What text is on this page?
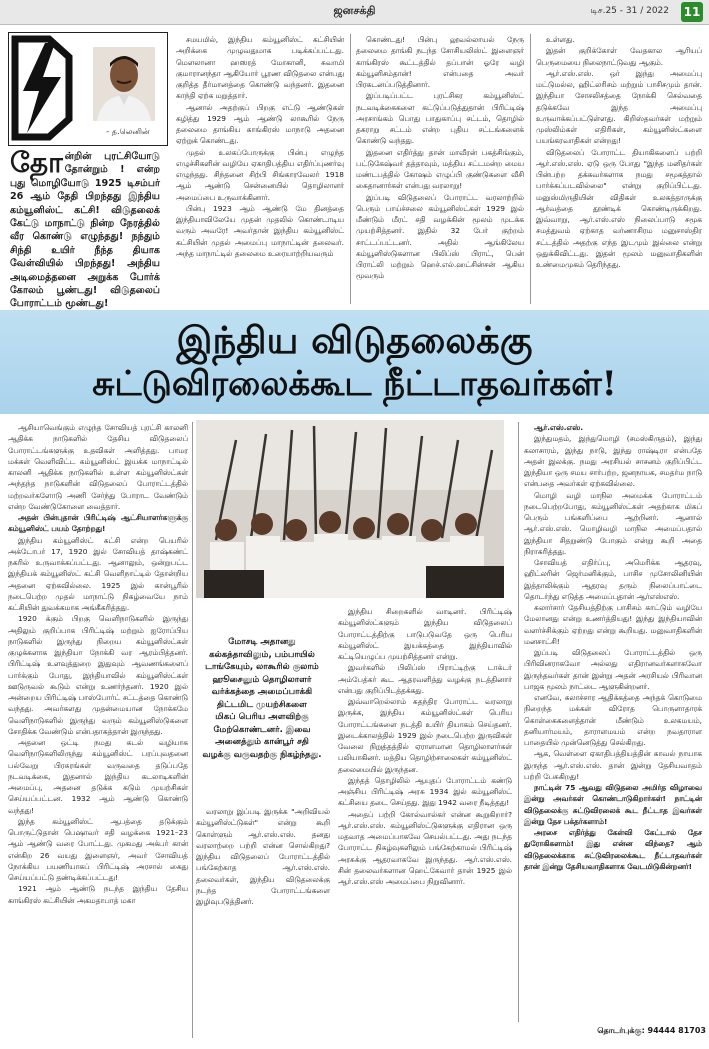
ஜனசக்தி	டிச.25 - 31 / 2022 11
- த.லெனின்
தோன்றின் புரட்சியோடு தோன்றும் ! என்ற புது மொழியோடு 1925 டிசம்பர் 26 ஆம் தேதி பிறந்தது இந்திய கம்யூனிஸ்ட் கட்சி! விடுதலைக் கேட்டு மாநாட்டு நின்ற நேரத்தில் வீர கொண்டு எழுந்தது! நந்தும் சிந்தி உயிர் நீந்த தியாக வேள்வியில் பிறந்தது! அந்திய அடிமைத்தனை அறுக்க போர்க் கோலம் பூண்டது! விடுதலைப் போராட்டம் மூண்டது!

சமயமில், இந்திய கம்யூனிஸ்ட் கட்சியின் அறிக்கை முழுவதுமாக படிக்கப்பட்டது. மௌலானா ஹஸரத் மோகானி, சுவாமி குமாரானந்தா ஆகியோர் பூரண விடுதலை என்பது குறித்த தீர்மானத்தை கொண்டு வந்தனர். இதனை காந்தி ஏற்க மறுத்தார்.

ஆனால் அதற்குப் பிறகு எட்டு ஆண்டுகள் கழித்து 1929 ஆம் ஆண்டு லாகூரில் நேரு தலைமை தாங்கிய காங்கிரஸ் மாநாடு அதனை ஏற்றுக் கொண்டது.

முதல் உலகப்போருக்கு பின்பு எழுந்த எழுச்சிகளின் வழியே ஏகாதிபத்திய எதிர்ப்புணர்வு எழுந்தது. சிந்தனை சிற்பி சிங்காரவேலர் 1918 ஆம் ஆண்டு சென்னையில் தொழிலாளர் அமைப்பை உருவாக்கினார்.

பின்பு 1923 ஆம் ஆண்டு மே தினத்தை இந்தியாவிலேயே முதன் முதலில் கொண்டாடிய வரும் அவரே! அவர்தான் இந்திய கம்யூனிஸ்ட் கட்சியின் முதல் அமைப்பு மாநாட்டின் தலைவர். அந்த மாநாட்டில் தலைமை உரையாற்றியவரும்

கொண்டது! பின்பு லூவல்லாயல் நேரு தலைமை தாங்கி நடந்த சோசியலிஸ்ட் இளைஞர் காங்கிரஸ் கூட்டத்தில் தப்பான் ஓரே வழி கம்யூனிசம்தான்! என்பதை அவர் பிரகடனப்படுத்தினார்.

இப்படிப்பட்ட புரட்சிகர கம்யூனிஸ்ட் நடவடிக்கைகளை கட்டுப்படுத்துதான் பிரிட்டிஷ் அரசாங்கம் பொது பாதுகாப்பு சட்டம், தொழில் தகராறு சட்டம் என்ற புதிய சட்டங்களைக் கொண்டு வந்தது.

இதனை எதிர்த்து தான் மாவீரன் பகத்சிங்கும், பட்டுகேஷ்வர் தத்தாவும், மத்திய சட்டமன்ற மைய மண்டபத்தில் கோஷம் எழுப்பி குண்டுகளை வீசி கைதானார்கள் என்பது வரலாறு!

இப்படி விடுதலைப் போராட்ட வரலாற்றில் பெரும் பாய்ச்சலை கம்யூனிஸ்ட்கள் 1929 இல் மீண்டும் மீரட் சதி வழக்கின் மூலம் முடக்க முயற்சித்தனர். இதில் 32 பேர் குற்றம் சாட்டப்பட்டனர். அதில் ஆங்கிலேய கம்யூனிஸ்டுகளான பிலிப்ஸ் பிராட், பென் பிராட்லி மற்றும் ஹெச்.எல்.ஹட்சின்சன் ஆகிய மூவரும்

உள்ளது.

இதன் குறிக்கோள் வேதகால ஆரியப் பெருமையை நிலைநாட்டுவது ஆகும்.

ஆர்.எஸ்.எஸ். ஒர் இந்து அமைப்பு மட்டுமல்ல, ஹிட்லரிசம் மற்றும் பாசிசமும் தான். இந்தியா சோசலிசத்தை நோக்கி செல்வதை தடுக்கவே இந்த அமைப்பு உருவாக்கப்பட்டுள்ளது. கிறிஸ்தவர்கள் மற்றும் முஸ்லிம்கள் எதிரிகள், கம்யூனிஸ்ட்களை பயங்கரவாதிகள் என்றது!

விடுதலைப் போராட்ட தியாகிகளைப் பற்றி ஆர்.எஸ்.எஸ். ஏடு ஒரு போது "இந்த மனிதர்கள் பின்பற்ற தக்கவர்களாக நமது சமூகத்தால் பார்க்கப்படவில்லை" என்று குறிப்பிட்டது. மனுஸ்மிருதியின் விதிகள் உலகத்தாருக்கு ஆர்வத்தை தூண்டிக் கொண்டிருக்கிறது. இவ்வாறு, ஆர்.எஸ்.எஸ் நிலைப்பாடு சமூக சமத்துவம் ஏற்காத வர்ணாசிரம மனுசாஸ்திர சட்டத்தில் அதற்கு எந்த இடமும் இல்லை என்று ஒதுக்கிவிட்டது. இதன் மூலம் மனுவாதிகளின் உண்மைமுகம் தெரிந்தது.

இந்திய விடுதலைக்கு
சுட்டுவிரலைக்கூட நீட்டாதவர்கள்!

ஆசியாவெங்கும் எழுந்த சோவியத் புரட்சி காலனி ஆதிக்க நாடுகளில் தேசிய விடுதலைப் போராட்டங்களுக்கு உதவிகள் அளித்தது. பாமர மக்கள் வெளிவிட்ட கம்யூனிஸ்ட் இயக்க மாநாட்டில் காலனி ஆதிக்க நாடுகளில் உள்ள கம்யூனிஸ்ட்கள் அந்தந்த நாடுகளின் விடுதலைப் போராட்டத்தில் மற்றவர்களோடு அணி சேர்ந்து போராட வேண்டும் என்ற வேண்டுகோளை வைத்தார்.

அதன் பின்புதான் பிரிட்டிஷ் ஆட்சியாளர்களுக்கு கம்யூனிஸ்ட் பயம் தோற்றது!

இந்திய கம்யூனிஸ்ட் கட்சி என்ற பெயரில் அக்டோபர் 17, 1920 இல் சோவியத் தாஷ்கண்ட் நகரில் உருவாக்கப்பட்டது. ஆனாலும், ஒன்றுபட்ட இந்தியக் கம்யூனிஸ்ட் கட்சி வெளிநாட்டில் தோன்றிய அதனை ஏற்கவில்லை. 1925 இல் கான்பூரில் நடைபெற்ற முதல் மாநாட்டு நிகழ்வையே நாம் கட்சியின் துவக்கமாக அங்கீகரித்தது.

1920 க்கும் பிறகு வெளிநாடுகளில் இருந்து அதிலும் குறிப்பாக பிரிட்டிஷ் மற்றும் ஐரோப்பிய நாடுகளில் இருந்து நிறைய கம்யூனிஸ்ட்கள் குழுக்களாக இந்தியா நோக்கி வர ஆரம்பித்தனர். பிரிட்டிஷ் உளவுத்துறை இதுவும் ஆவணங்களைப் பார்க்கும் போது, இந்தியாவில் கம்யூனிஸ்ட்கள் ஊடுருவல் கூடும் என்று உணர்ந்தனர். 1920 இல் அன்றைய பிரிட்டிஷ் பாஸ்போர்ட் சட்டத்தை கொண்டு வந்தது. அவர்களது முதன்மையான நோக்கமே வெளிநாடுகளில் இருந்து வரும் கம்யூனிஸ்டுகளை சோதிக்க வேண்டும் என்பதாகத்தான் இருந்தது.

அதனை ஒட்டி நமது கடல் வழியாக வெளிநாடுகளிலிருந்து கம்யூனிஸ்ட் பரப்புவதனை பல்வேறு பிரசுரங்கள் வருவதை தடுப்பதே நடவடிக்கை, இதனால் இந்திய கடலாடிகளின் அமைப்பு, அதனை தடுக்க கடும் முயற்சிகள் செய்யப்பட்டன. 1932 ஆம் ஆண்டு கொண்டு வந்தது!

இந்த கம்யூனிஸ்ட் ஆபத்தை தடுக்கும் பொருட்டுதான் பெஷாவர் சதி வழக்கை 1921–23 ஆம் ஆண்டு வரை போட்டது. முகமது அக்பர் கான் என்கிற 26 வயது இளைஞர், அவர் சோவியத் நோக்கிய பயணியாகப் பிரிட்டிஷ் அரசால் கைது செய்யப்பட்டு தண்டிக்கப்பட்டது!

1921 ஆம் ஆண்டு நடந்த இந்திய தேசிய காங்கிரஸ் கட்சியின் அகமதாபாத் மகா

மோசடி அதானது
கல்கத்தாவிலும், பம்பாயில்
டாங்கேயும், லாகூரில் குலாம்
ஹூசைனும் தொழிலாளர்
வர்க்கத்தை அமைப்பாக்கி
திட்டமிட முயற்சிகளை
மிகப் பெரிய அளவிற்கு
மேற்கொண்டனர். இவை
அனைத்தும் கான்பூர் சதி
வழக்கு வருவதற்கு நிகழ்ந்தது.

வரலாறு இப்படி இருக்க "அறிவியல் கம்யூனிஸ்ட்டுகள்" என்று கூறி கொள்ளும் ஆர்.எஸ்.எஸ். தனது வரலாற்றை பற்றி என்ன சொல்கிறது? இந்திய விடுதலைப் போராட்டத்தில் பங்கேற்காத ஆர்.எஸ்.எஸ். தலைவர்கள், இந்திய விடுதலைக்கு நடந்த போராட்டங்களை இழிவுபடுத்தினர்.

இந்திய சிறைகளில் வாடினர். பிரிட்டிஷ் கம்யூனிஸ்ட்களும் இந்திய விடுதலைப் போராட்டத்திற்கு பாடுபடுவதே ஒரு பெரிய கம்யூனிஸ்ட் இயக்கத்தை இந்தியாவில் கட்டியெழுப்ப முயற்சித்தனர் என்று.

இவர்களில் பிலிப்ஸ் பிராட்டிற்கு டாக்டர் அம்பேத்கர் கூட ஆதரவளித்து வழக்கு நடத்தினார் என்பது குறிப்பிடத்தக்கது.

இவ்வாறெல்லாம் சுதந்திர போராட்ட வரலாறு இருக்க, இந்திய கம்யூனிஸ்ட்கள் பெரிய போராட்டங்களை நடத்தி உயிர் தியாகம் செய்தனர். இடைக்காலத்தில் 1929 இல் நடைபெற்ற இருவிகள் வேலை நிறுத்தத்தில் ஏராளமான தொழிலாளர்கள் பலியாகினர். மத்திய தொழிற்சாலைகள் கம்யூனிஸ்ட் தலைமையில் இருந்தன.

இந்தத் தொழிலில் ஆயுதப் போராட்டம் கண்டு அஞ்சிய பிரிட்டிஷ் அரசு 1934 இல் கம்யூனிஸ்ட் கட்சியை தடை செய்தது. இது 1942 வரை நீடித்தது!

அதைப் பற்றி கோல்வால்கர் என்ன கூறுகிறார்? ஆர்.எஸ்.எஸ். கம்யூனிஸ்ட்டுகளுக்கு எதிரான ஒரு மதவாத அமைப்பாகவே செயல்பட்டது. அது நடந்த போராட்ட நிகழ்வுகளிலும் பங்கேற்காமல் பிரிட்டிஷ் அரசுக்கு ஆதரவாகவே இருந்தது. ஆர்.எஸ்.எஸ். சின் தலைவர்களான ஹெட்கேவார் தான் 1925 இல் ஆர்.எஸ்.எஸ் அமைப்பை நிறுவினார்.

ஆர்.எஸ்.எஸ்.

இந்துமதம், இந்துமொழி (சமஸ்கிருதம்), இந்து கலாசாரம், இந்து நாடு, இந்து ராஷ்டிரா என்பதே அதன் இலக்கு. நமது அரசியல் சாசனம் குறிப்பிட்ட இந்தியா ஒரு சமய சார்பற்ற, ஜனநாயக, சமதர்ம நாடு என்பதை அவர்கள் ஏற்கவில்லை.

மொழி வழி மாநில அமைக்க போராட்டம் நடைபெற்றபோது, கம்யூனிஸ்ட்கள் அதற்காக மிகப் பெரும் பங்களிப்பை ஆற்றினர். ஆனால் ஆர்.எஸ்.எஸ். மொழிவழி மாநில அமைப்பதால் இந்தியா சிதறுண்டு போகும் என்று கூறி அதை நிராகரித்தது.

சோவியத் எதிர்ப்பு, அமெரிக்க ஆதரவு, ஹிட்லரின் ஜெர்மனிக்கும், பாசிச முசோலினியின் இத்தாலிக்கும் ஆதரவு தரும் நிலைப்பாட்டை தொடர்ந்து எடுத்த அமைப்புதான் ஆர்எஸ்எஸ்.

சுலார்சார் தேசியத்திற்கு பாசிசம் காட்டும் வழியே மேலானது என்று உணர்த்தியது! இந்து இந்தியாவின் வளர்ச்சிக்கும் ஏற்றது என்று கூறியது. மனுவாதிகளின் மனசாட்சி!

இப்படி விடுதலைப் போராட்டத்தில் ஒரு பிரிவினராகவோ அல்லது எதிரானவர்களாகவோ இருந்தவர்கள் தான் இன்று அதன் அரசியல் பிரிவான பாஜக மூலம் நாட்டை ஆளுகின்றனர்.

எனவே, கலாச்சார ஆதிக்கத்தை அந்தக் கொடுமை நிறைந்த மக்கள் விரோத பொருளாதாரக் கொள்கைகளைத்தான் மீண்டும் உலகமயம், தனியார்மயம், தாராளமயம் என்ற நவதாராள பாதையில் முன்னெடுத்து செல்கிறது.

ஆக, வெள்ளை ஏகாதிபத்தியத்தின் காவல் நாயாக இருந்த ஆர்.எஸ்.எஸ். தான் இன்று தேசியவாதம் பற்றி பேசுகிறது!

நாட்டின் 75 ஆவது விடுதலை அமிர்த விழாவை இன்று அவர்கள் கொண்டாடுகிறார்கள்! நாட்டின் விடுதலைக்கு சுட்டுவிரலைக் கூட நீட்டாத இவர்கள் இன்று தேச பக்தர்களாம்!

அரசை எதிர்த்து கேள்வி கேட்டால் தேச துரோகிகளாம்! இது என்ன விந்தை? ஆம் விடுதலைக்காக சுட்டுவிரலைக்கூட நீட்டாதவர்கள் தான் இன்று தேசியவாதிகளாக வேடமிடுகின்றனர்!

தொடர்புக்கு: 94444 81703
